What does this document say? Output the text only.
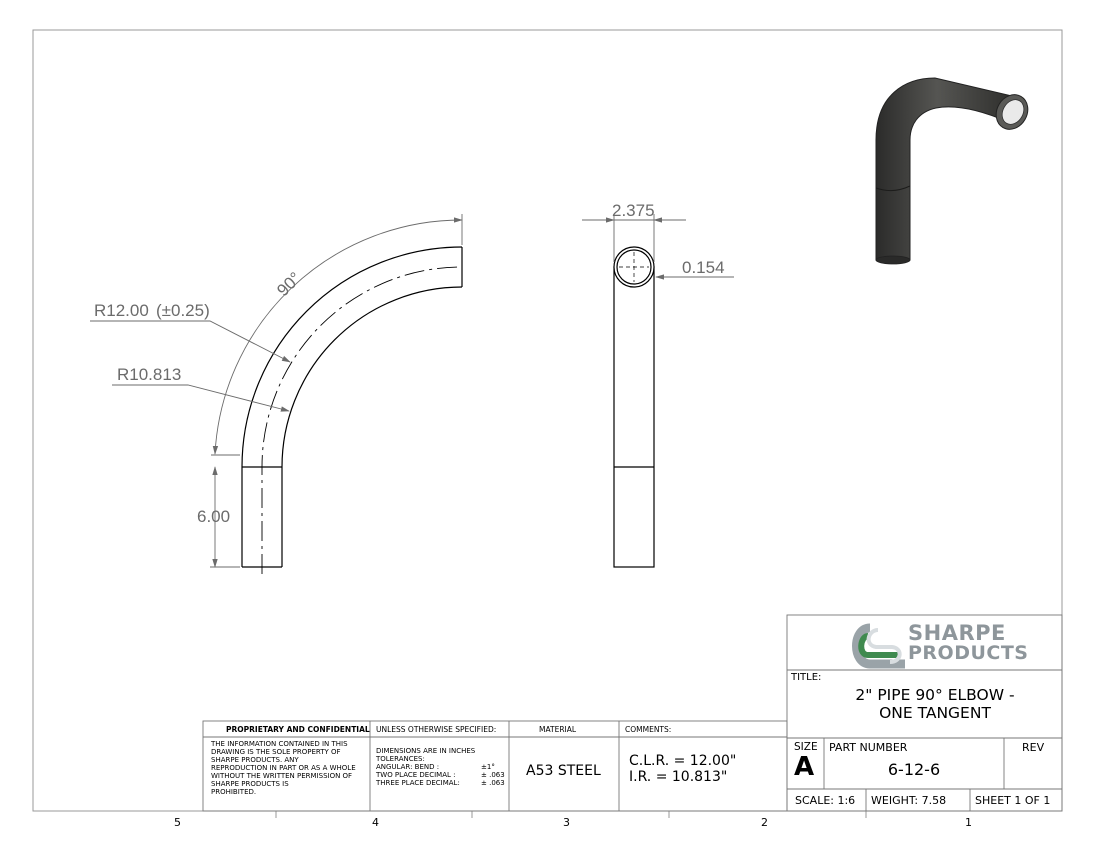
90°
R12.00 (±0.25)
R10.813
6.00
2.375
0.154
5	4	3	2	1
PROPRIETARY AND CONFIDENTIAL
THE INFORMATION CONTAINED IN THIS
DRAWING IS THE SOLE PROPERTY OF
SHARPE PRODUCTS. ANY
REPRODUCTION IN PART OR AS A WHOLE
WITHOUT THE WRITTEN PERMISSION OF
SHARPE PRODUCTS IS
PROHIBITED.
UNLESS OTHERWISE SPECIFIED:
DIMENSIONS ARE IN INCHES
TOLERANCES:
ANGULAR: BEND :	±1°
TWO PLACE DECIMAL :	± .063
THREE PLACE DECIMAL:	± .063
MATERIAL
A53 STEEL
COMMENTS:
C.L.R. = 12.00"
I.R. = 10.813"
SHARPE
PRODUCTS
TITLE:
2" PIPE 90° ELBOW -
ONE TANGENT
SIZE
A
PART NUMBER
6-12-6
REV
SCALE: 1:6 WEIGHT: 7.58	SHEET 1 OF 1
